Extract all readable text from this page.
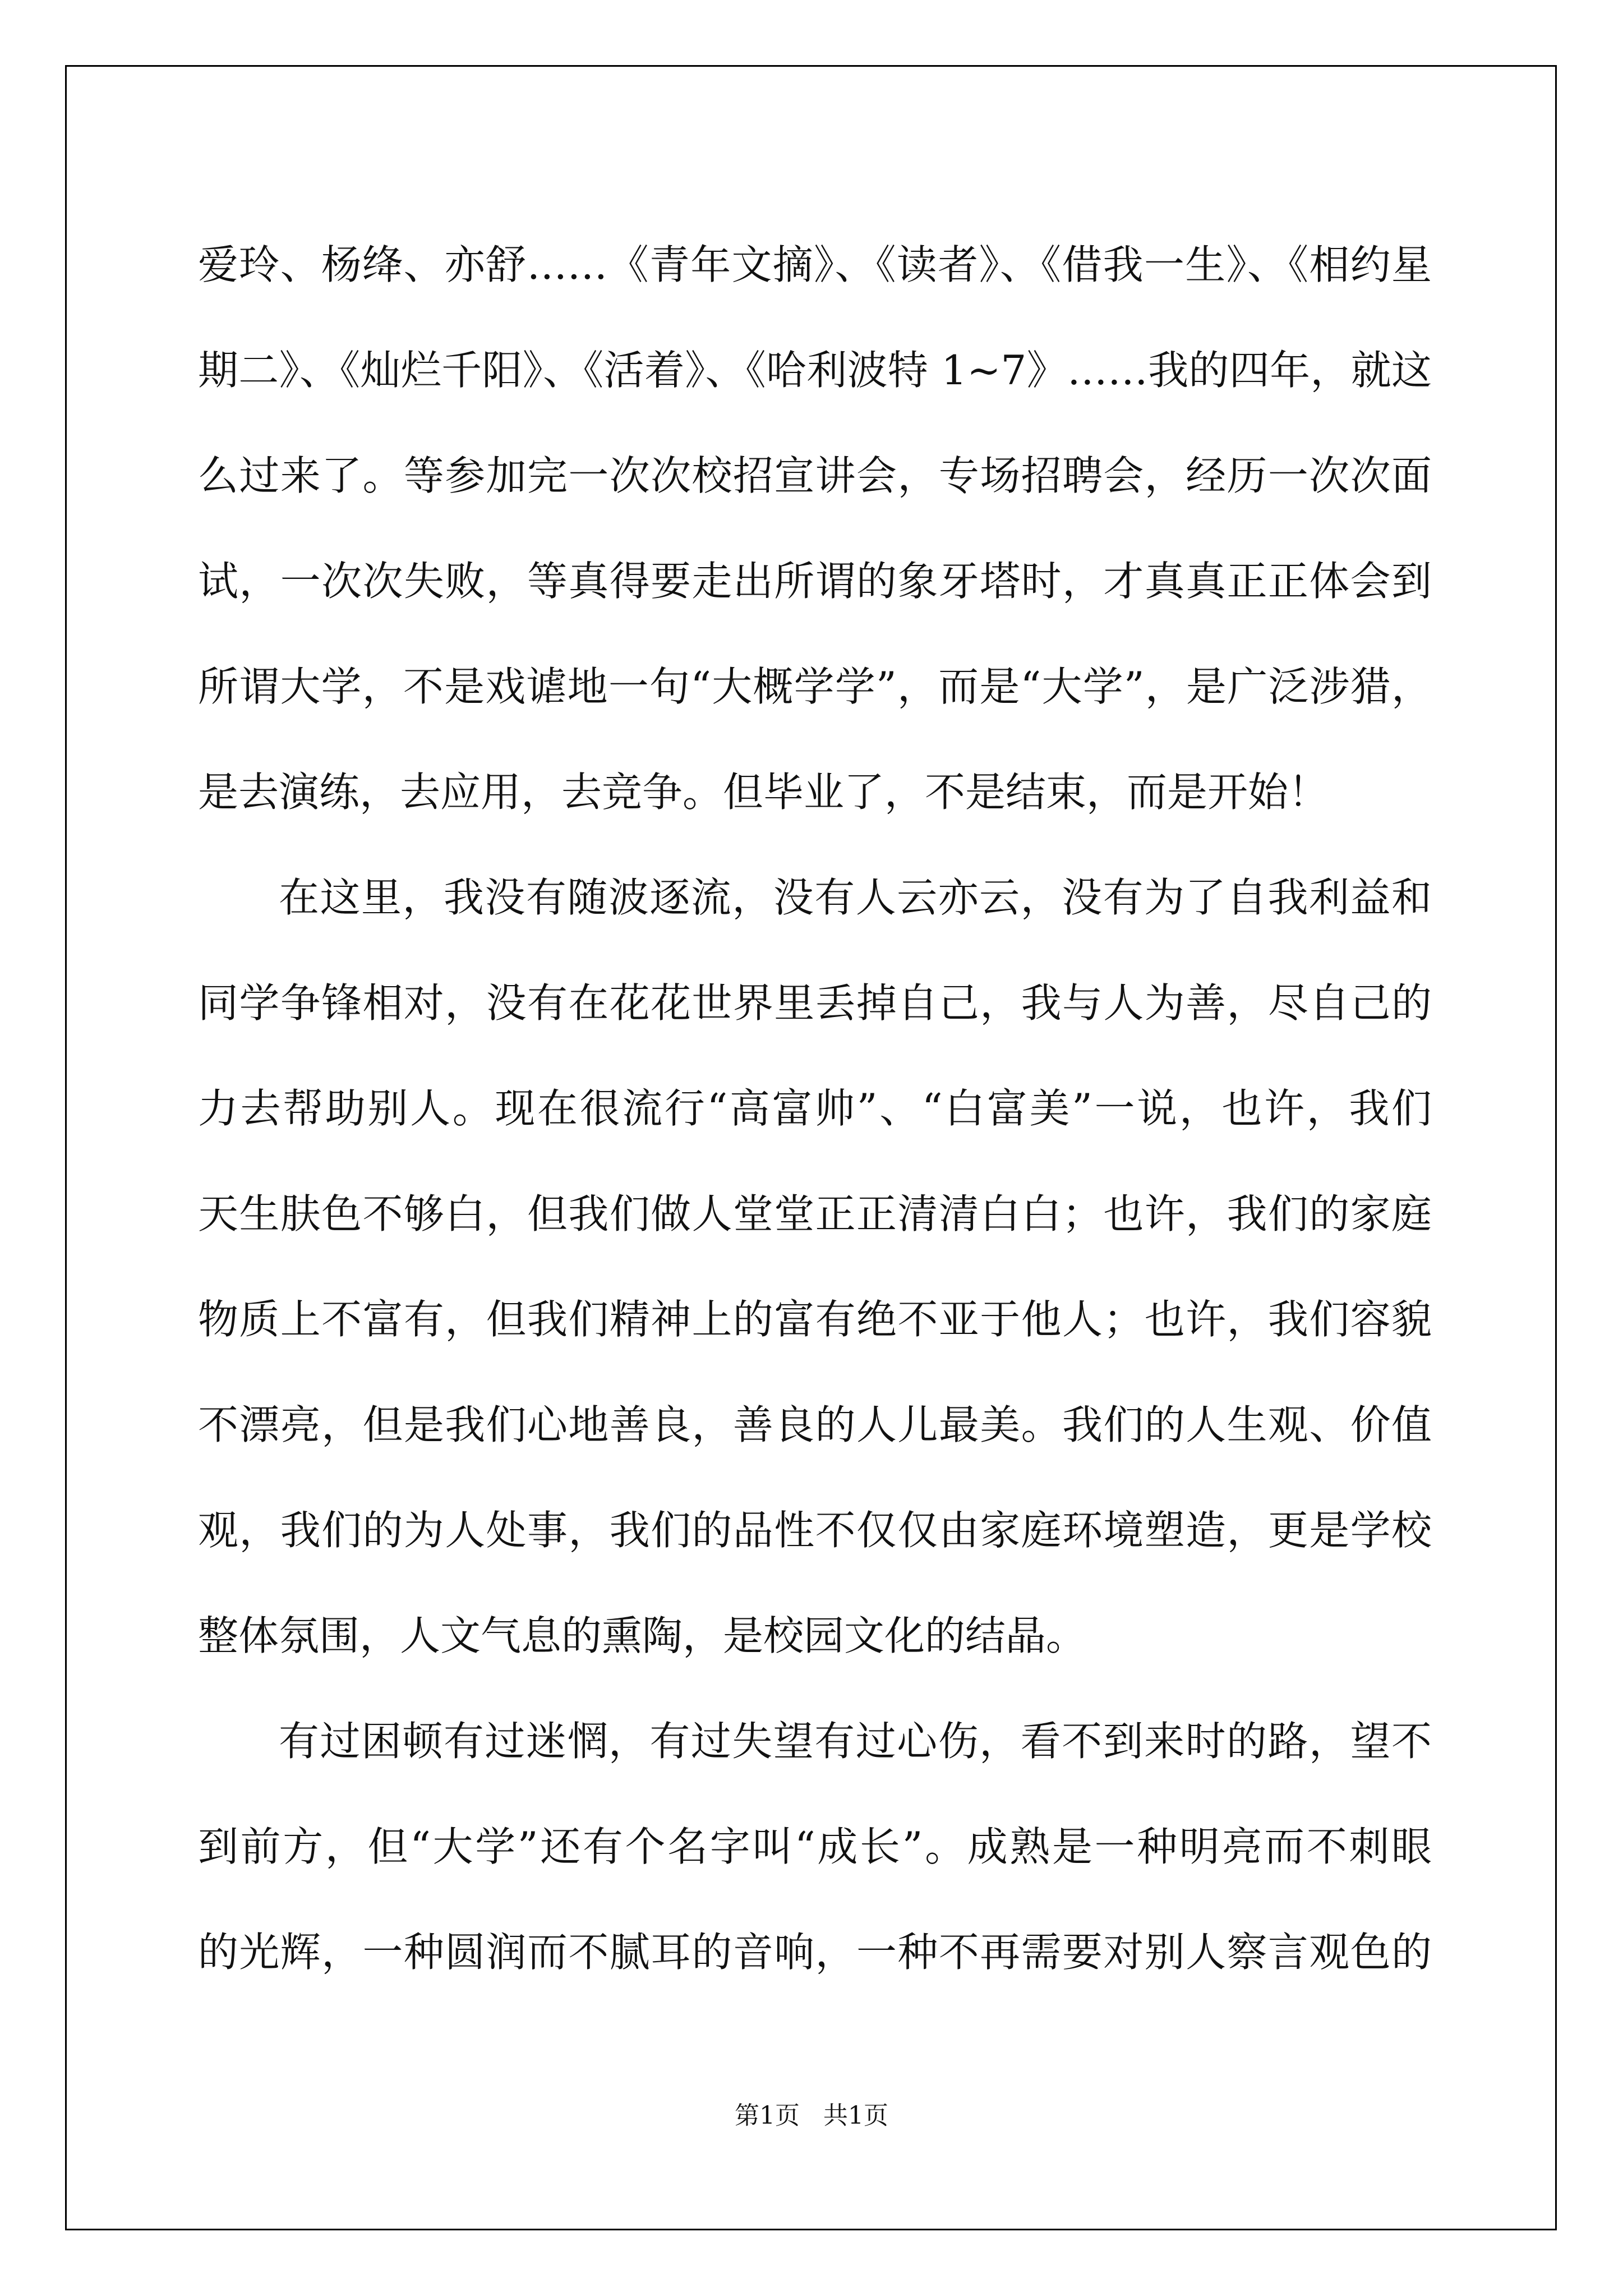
爱玲、杨绛、亦舒……《青年文摘》、《读者》、《借我一生》、《相约星
期二》、《灿烂千阳》、《活着》、《哈利波特 1~7》……我的四年，就这
么过来了。等参加完一次次校招宣讲会，专场招聘会，经历一次次面
试，一次次失败，等真得要走出所谓的象牙塔时，才真真正正体会到
所谓大学，不是戏谑地一句“大概学学”，而是“大学”，是广泛涉猎，
是去演练，去应用，去竞争。但毕业了，不是结束，而是开始！
在这里，我没有随波逐流，没有人云亦云，没有为了自我利益和
同学争锋相对，没有在花花世界里丢掉自己，我与人为善，尽自己的
力去帮助别人。现在很流行“高富帅”、“白富美”一说，也许，我们
天生肤色不够白，但我们做人堂堂正正清清白白；也许，我们的家庭
物质上不富有，但我们精神上的富有绝不亚于他人；也许，我们容貌
不漂亮，但是我们心地善良，善良的人儿最美。我们的人生观、价值
观，我们的为人处事，我们的品性不仅仅由家庭环境塑造，更是学校
整体氛围，人文气息的熏陶，是校园文化的结晶。
有过困顿有过迷惘，有过失望有过心伤，看不到来时的路，望不
到前方，但“大学”还有个名字叫“成长”。成熟是一种明亮而不刺眼
的光辉，一种圆润而不腻耳的音响，一种不再需要对别人察言观色的
第1页   共1页
